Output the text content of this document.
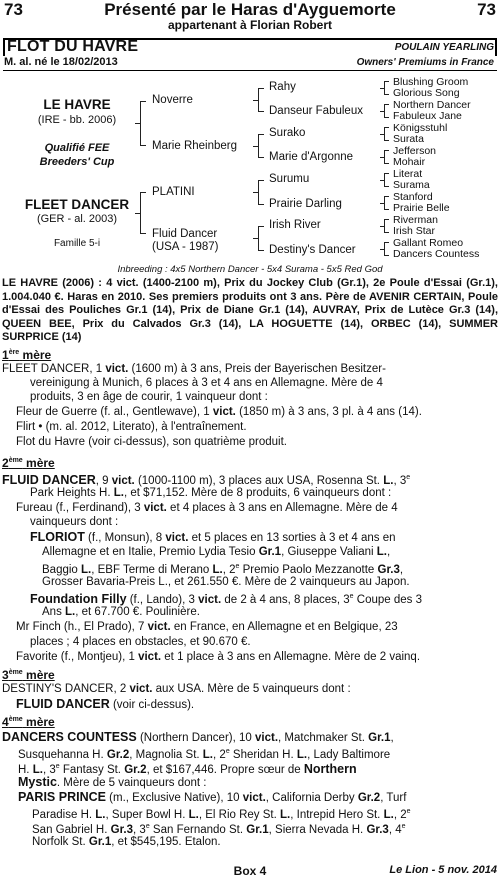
73	Présenté par le Haras d'Ayguemorte	73
appartenant à Florian Robert
FLOT DU HAVRE	POULAIN YEARLING
M. al. né le 18/02/2013	Owners' Premiums in France
LE HAVRE
(IRE - bb. 2006)
Qualifié FEE
Breeders' Cup
FLEET DANCER
(GER - al. 2003)
Famille 5-i
Noverre
Marie Rheinberg
PLATINI
Fluid Dancer
(USA - 1987)
Rahy
Danseur Fabuleux
Surako
Marie d'Argonne
Surumu
Prairie Darling
Irish River
Destiny's Dancer
Blushing Groom
Glorious Song
Northern Dancer
Fabuleux Jane
Königsstuhl
Surata
Jefferson
Mohair
Literat
Surama
Stanford
Prairie Belle
Riverman
Irish Star
Gallant Romeo
Dancers Countess
Inbreeding : 4x5 Northern Dancer - 5x4 Surama - 5x5 Red God
LE HAVRE (2006) : 4 vict. (1400-2100 m), Prix du Jockey Club (Gr.1), 2e Poule d'Essai (Gr.1), 1.004.040 €. Haras en 2010. Ses premiers produits ont 3 ans. Père de AVENIR CERTAIN, Poule d'Essai des Pouliches Gr.1 (14), Prix de Diane Gr.1 (14), AUVRAY, Prix de Lutèce Gr.3 (14), QUEEN BEE, Prix du Calvados Gr.3 (14), LA HOGUETTE (14), ORBEC (14), SUMMER SURPRICE (14)
1ère mère
FLEET DANCER, 1 vict. (1600 m) à 3 ans, Preis der Bayerischen Besitzer-
vereinigung à Munich, 6 places à 3 et 4 ans en Allemagne. Mère de 4
produits, 3 en âge de courir, 1 vainqueur dont :
Fleur de Guerre (f. al., Gentlewave), 1 vict. (1850 m) à 3 ans, 3 pl. à 4 ans (14).
Flirt • (m. al. 2012, Literato), à l'entraînement.
Flot du Havre (voir ci-dessus), son quatrième produit.
2ème mère
FLUID DANCER, 9 vict. (1000-1100 m), 3 places aux USA, Rosenna St. L., 3e
Park Heights H. L., et $71,152. Mère de 8 produits, 6 vainqueurs dont :
Fureau (f., Ferdinand), 3 vict. et 4 places à 3 ans en Allemagne. Mère de 4
vainqueurs dont :
FLORIOT (f., Monsun), 8 vict. et 5 places en 13 sorties à 3 et 4 ans en
Allemagne et en Italie, Premio Lydia Tesio Gr.1, Giuseppe Valiani L.,
Baggio L., EBF Terme di Merano L., 2e Premio Paolo Mezzanotte Gr.3,
Grosser Bavaria-Preis L., et 261.550 €. Mère de 2 vainqueurs au Japon.
Foundation Filly (f., Lando), 3 vict. de 2 à 4 ans, 8 places, 3e Coupe des 3
Ans L., et 67.700 €. Poulinière.
Mr Finch (h., El Prado), 7 vict. en France, en Allemagne et en Belgique, 23
places ; 4 places en obstacles, et 90.670 €.
Favorite (f., Montjeu), 1 vict. et 1 place à 3 ans en Allemagne. Mère de 2 vainq.
3ème mère
DESTINY'S DANCER, 2 vict. aux USA. Mère de 5 vainqueurs dont :
FLUID DANCER (voir ci-dessus).
4ème mère
DANCERS COUNTESS (Northern Dancer), 10 vict., Matchmaker St. Gr.1,
Susquehanna H. Gr.2, Magnolia St. L., 2e Sheridan H. L., Lady Baltimore
H. L., 3e Fantasy St. Gr.2, et $167,446. Propre sœur de Northern
Mystic. Mère de 5 vainqueurs dont :
PARIS PRINCE (m., Exclusive Native), 10 vict., California Derby Gr.2, Turf
Paradise H. L., Super Bowl H. L., El Rio Rey St. L., Intrepid Hero St. L., 2e
San Gabriel H. Gr.3, 3e San Fernando St. Gr.1, Sierra Nevada H. Gr.3, 4e
Norfolk St. Gr.1, et $545,195. Etalon.
Box 4	Le Lion - 5 nov. 2014
